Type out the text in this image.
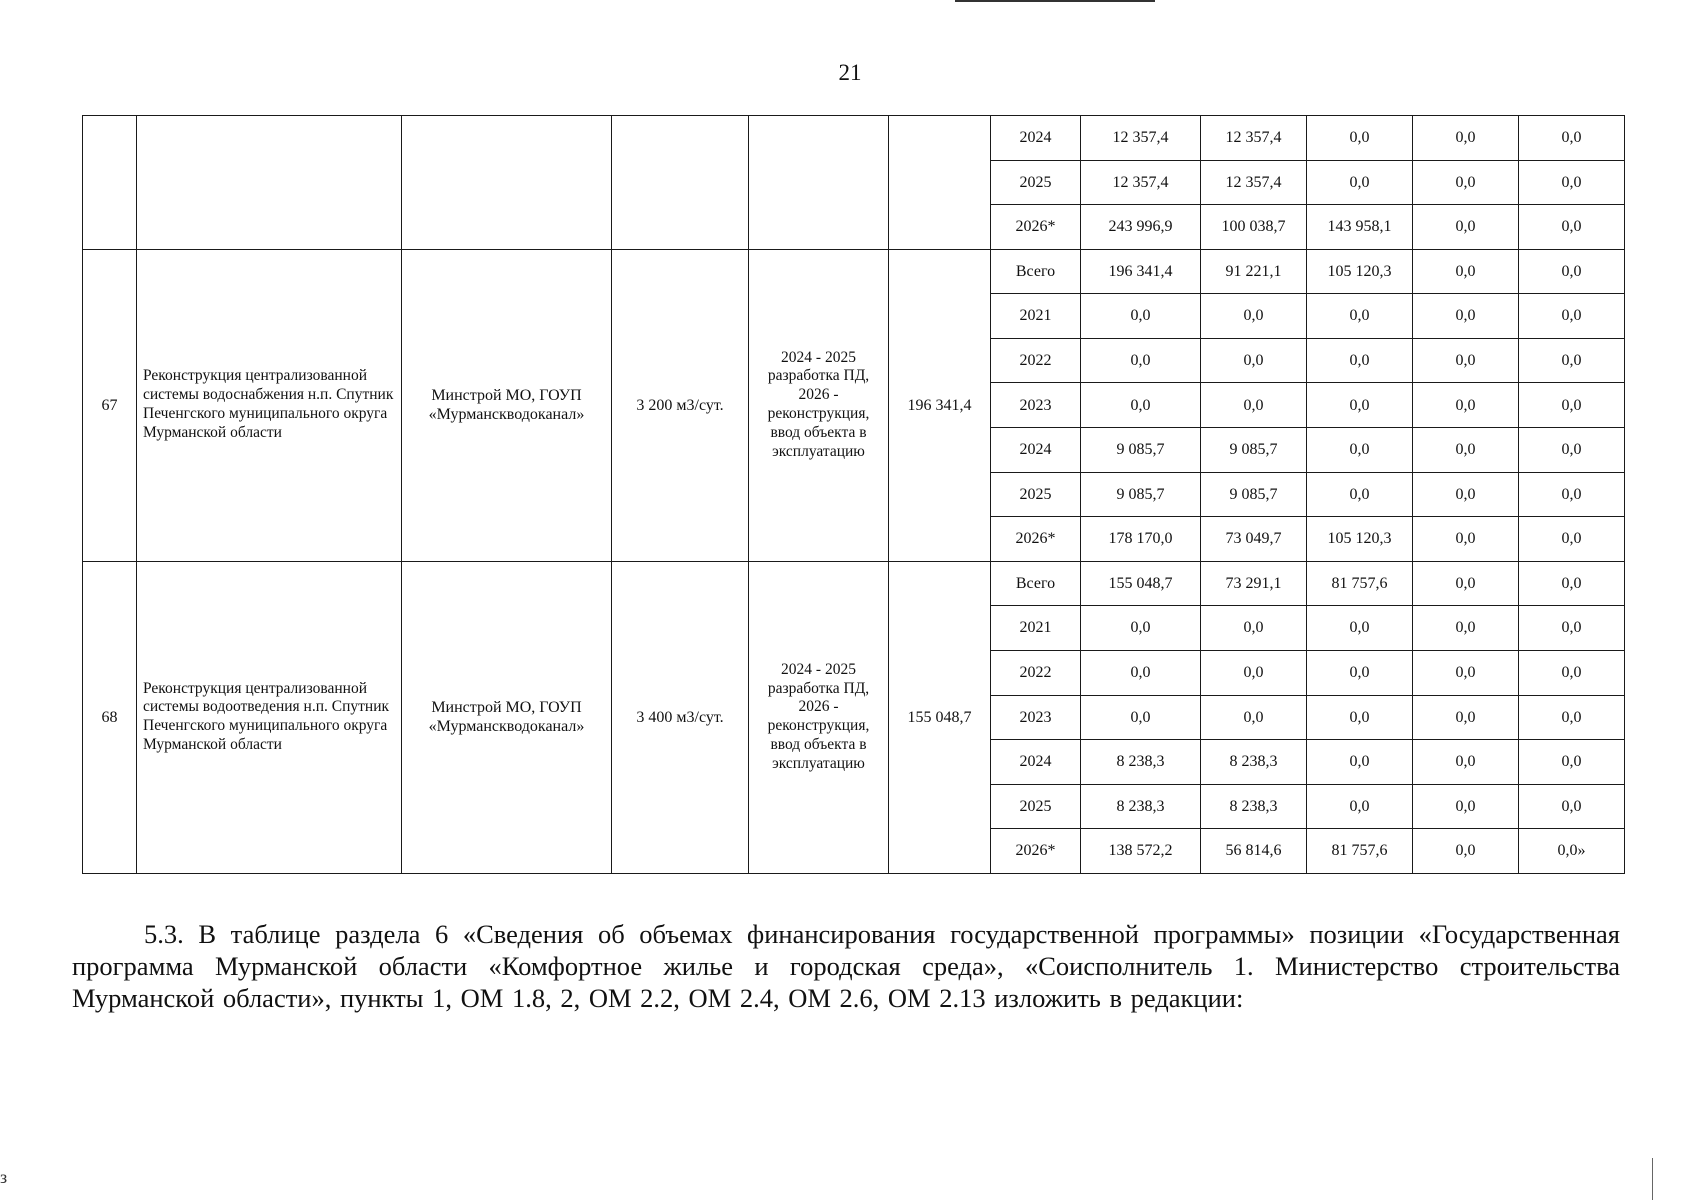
21
						2024	12 357,4	12 357,4	0,0	0,0	0,0
						2025	12 357,4	12 357,4	0,0	0,0	0,0
						2026*	243 996,9	100 038,7	143 958,1	0,0	0,0
67	Реконструкция централизованной системы водоснабжения н.п. Спутник Печенгского муниципального округа Мурманской области	Минстрой МО, ГОУП «Мурманскводоканал»	3 200 м3/сут.	2024 - 2025 разработка ПД, 2026 - реконструкция, ввод объекта в эксплуатацию	196 341,4	Всего	196 341,4	91 221,1	105 120,3	0,0	0,0
						2021	0,0	0,0	0,0	0,0	0,0
						2022	0,0	0,0	0,0	0,0	0,0
						2023	0,0	0,0	0,0	0,0	0,0
						2024	9 085,7	9 085,7	0,0	0,0	0,0
						2025	9 085,7	9 085,7	0,0	0,0	0,0
						2026*	178 170,0	73 049,7	105 120,3	0,0	0,0
68	Реконструкция централизованной системы водоотведения н.п. Спутник Печенгского муниципального округа Мурманской области	Минстрой МО, ГОУП «Мурманскводоканал»	3 400 м3/сут.	2024 - 2025 разработка ПД, 2026 - реконструкция, ввод объекта в эксплуатацию	155 048,7	Всего	155 048,7	73 291,1	81 757,6	0,0	0,0
						2021	0,0	0,0	0,0	0,0	0,0
						2022	0,0	0,0	0,0	0,0	0,0
						2023	0,0	0,0	0,0	0,0	0,0
						2024	8 238,3	8 238,3	0,0	0,0	0,0
						2025	8 238,3	8 238,3	0,0	0,0	0,0
						2026*	138 572,2	56 814,6	81 757,6	0,0	0,0»
5.3. В таблице раздела 6 «Сведения об объемах финансирования государственной программы» позиции «Государственная программа Мурманской области «Комфортное жилье и городская среда», «Соисполнитель 1. Министерство строительства Мурманской области», пункты 1, ОМ 1.8, 2, ОМ 2.2, ОМ 2.4, ОМ 2.6, ОМ 2.13 изложить в редакции:
з
